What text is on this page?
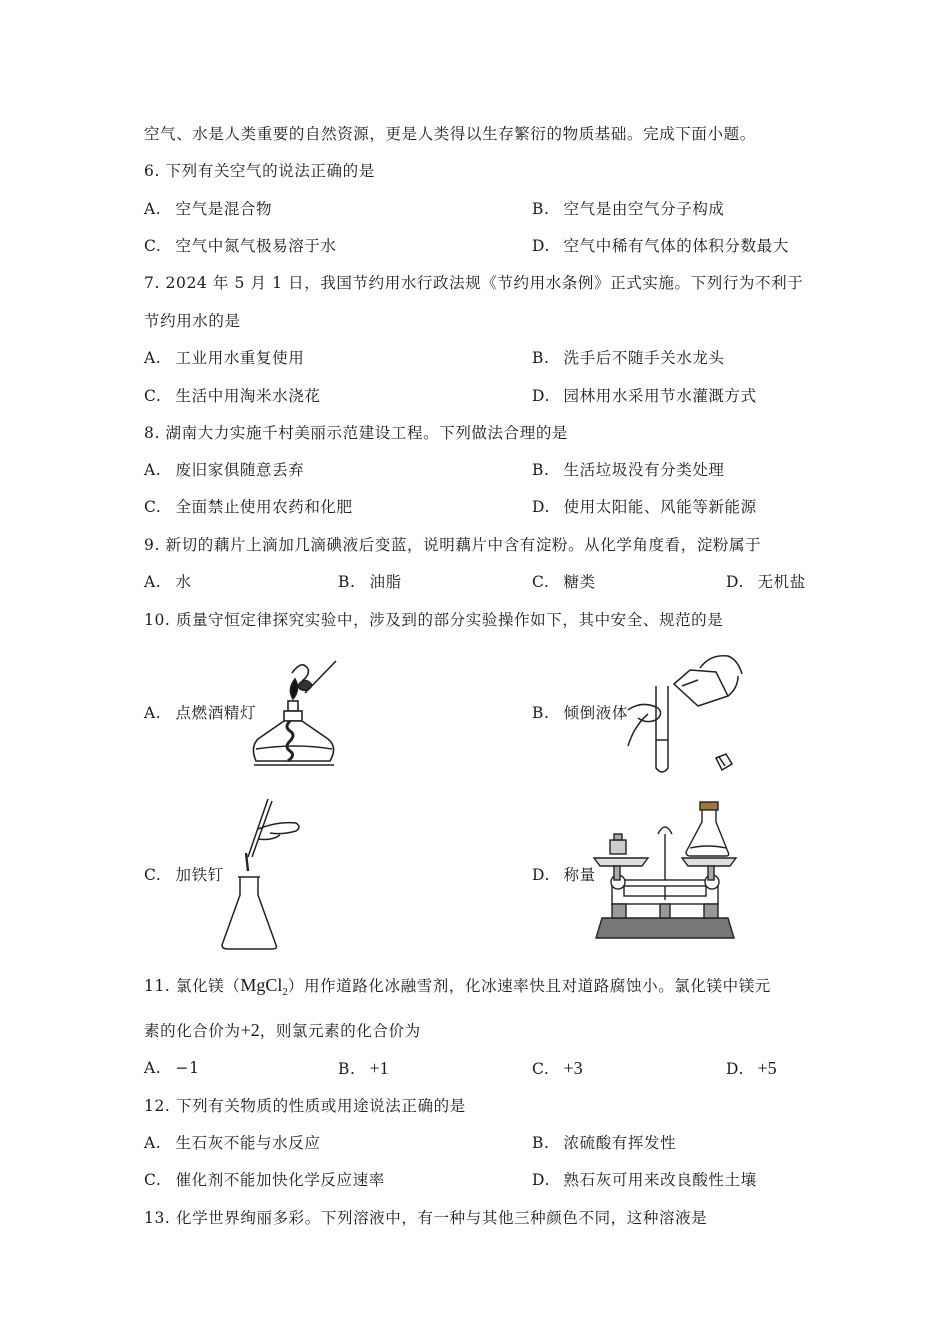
空气、水是人类重要的自然资源，更是人类得以生存繁衍的物质基础。完成下面小题。
6. 下列有关空气的说法正确的是
A. 空气是混合物	B. 空气是由空气分子构成
C. 空气中氮气极易溶于水	D. 空气中稀有气体的体积分数最大
7. 2024 年 5 月 1 日，我国节约用水行政法规《节约用水条例》正式实施。下列行为不利于
节约用水的是
A. 工业用水重复使用	B. 洗手后不随手关水龙头
C. 生活中用淘米水浇花	D. 园林用水采用节水灌溉方式
8. 湖南大力实施千村美丽示范建设工程。下列做法合理的是
A. 废旧家俱随意丢弃	B. 生活垃圾没有分类处理
C. 全面禁止使用农药和化肥	D. 使用太阳能、风能等新能源
9. 新切的藕片上滴加几滴碘液后变蓝，说明藕片中含有淀粉。从化学角度看，淀粉属于
A. 水	B. 油脂	C. 糖类	D. 无机盐
10. 质量守恒定律探究实验中，涉及到的部分实验操作如下，其中安全、规范的是
A. 点燃酒精灯	B. 倾倒液体
C. 加铁钉	D. 称量
11. 氯化镁（MgCl$_2$）用作道路化冰融雪剂，化冰速率快且对道路腐蚀小。氯化镁中镁元
素的化合价为+2，则氯元素的化合价为
A. −1	B. +1	C. +3	D. +5
12. 下列有关物质的性质或用途说法正确的是
A. 生石灰不能与水反应	B. 浓硫酸有挥发性
C. 催化剂不能加快化学反应速率	D. 熟石灰可用来改良酸性土壤
13. 化学世界绚丽多彩。下列溶液中，有一种与其他三种颜色不同，这种溶液是
